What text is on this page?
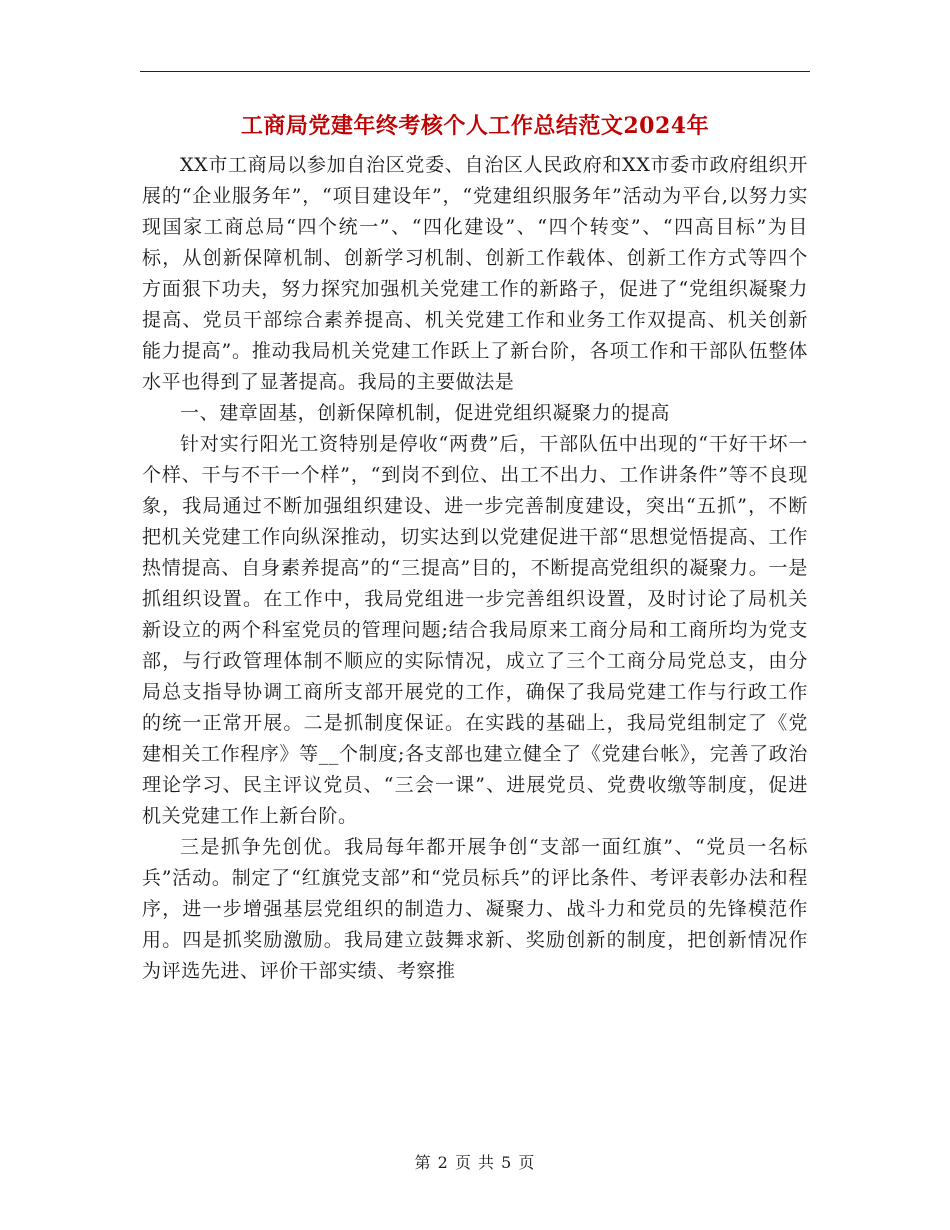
工商局党建年终考核个人工作总结范文2024年

XX市工商局以参加自治区党委、自治区人民政府和XX市委市政府组织开展的“企业服务年”，“项目建设年”，“党建组织服务年”活动为平台,以努力实现国家工商总局“四个统一”、“四化建设”、“四个转变”、“四高目标”为目标，从创新保障机制、创新学习机制、创新工作载体、创新工作方式等四个方面狠下功夫，努力探究加强机关党建工作的新路子，促进了“党组织凝聚力提高、党员干部综合素养提高、机关党建工作和业务工作双提高、机关创新能力提高”。推动我局机关党建工作跃上了新台阶，各项工作和干部队伍整体水平也得到了显著提高。我局的主要做法是

一、建章固基，创新保障机制，促进党组织凝聚力的提高

针对实行阳光工资特别是停收“两费”后，干部队伍中出现的“干好干坏一个样、干与不干一个样”，“到岗不到位、出工不出力、工作讲条件”等不良现象，我局通过不断加强组织建设、进一步完善制度建设，突出“五抓”，不断把机关党建工作向纵深推动，切实达到以党建促进干部“思想觉悟提高、工作热情提高、自身素养提高”的“三提高”目的，不断提高党组织的凝聚力。一是抓组织设置。在工作中，我局党组进一步完善组织设置，及时讨论了局机关新设立的两个科室党员的管理问题;结合我局原来工商分局和工商所均为党支部，与行政管理体制不顺应的实际情况，成立了三个工商分局党总支，由分局总支指导协调工商所支部开展党的工作，确保了我局党建工作与行政工作的统一正常开展。二是抓制度保证。在实践的基础上，我局党组制定了《党建相关工作程序》等__个制度;各支部也建立健全了《党建台帐》，完善了政治理论学习、民主评议党员、“三会一课”、进展党员、党费收缴等制度，促进机关党建工作上新台阶。

三是抓争先创优。我局每年都开展争创“支部一面红旗”、“党员一名标兵”活动。制定了“红旗党支部”和“党员标兵”的评比条件、考评表彰办法和程序，进一步增强基层党组织的制造力、凝聚力、战斗力和党员的先锋模范作用。四是抓奖励激励。我局建立鼓舞求新、奖励创新的制度，把创新情况作为评选先进、评价干部实绩、考察推

第 2 页 共 5 页
